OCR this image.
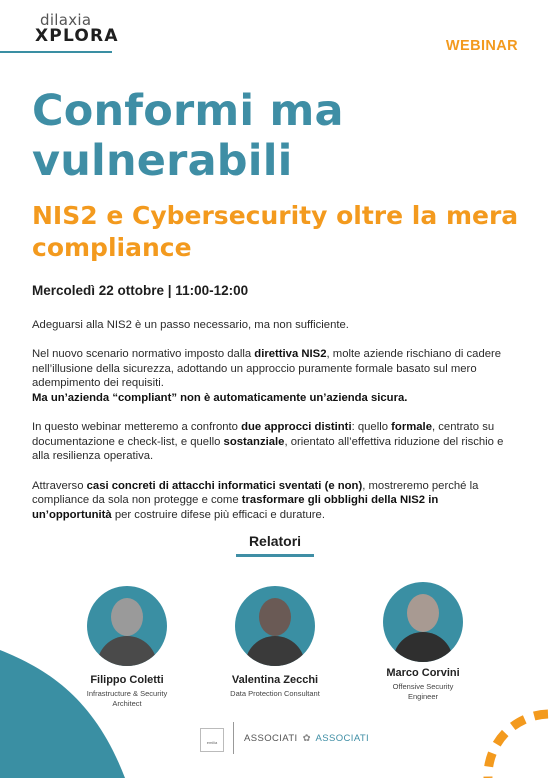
dilaxia
XPLORA	WEBINAR
Conformi ma vulnerabili
NIS2 e Cybersecurity oltre la mera compliance
Mercoledì 22 ottobre | 11:00-12:00

Adeguarsi alla NIS2 è un passo necessario, ma non sufficiente.

Nel nuovo scenario normativo imposto dalla direttiva NIS2, molte aziende rischiano di cadere nell’illusione della sicurezza, adottando un approccio puramente formale basato sul mero adempimento dei requisiti.
Ma un’azienda “compliant” non è automaticamente un’azienda sicura.

In questo webinar metteremo a confronto due approcci distinti: quello formale, centrato su documentazione e check-list, e quello sostanziale, orientato all’effettiva riduzione del rischio e alla resilienza operativa.

Attraverso casi concreti di attacchi informatici sventati (e non), mostreremo perché la compliance da sola non protegge e come trasformare gli obblighi della NIS2 in un’opportunità per costruire difese più efficaci e durature.

Relatori
Filippo Coletti
Infrastructure & Security Architect
Valentina Zecchi
Data Protection Consultant
Marco Corvini
Offensive Security Engineer
emilia	ASSOCIATI ✿ ASSOCIATI
